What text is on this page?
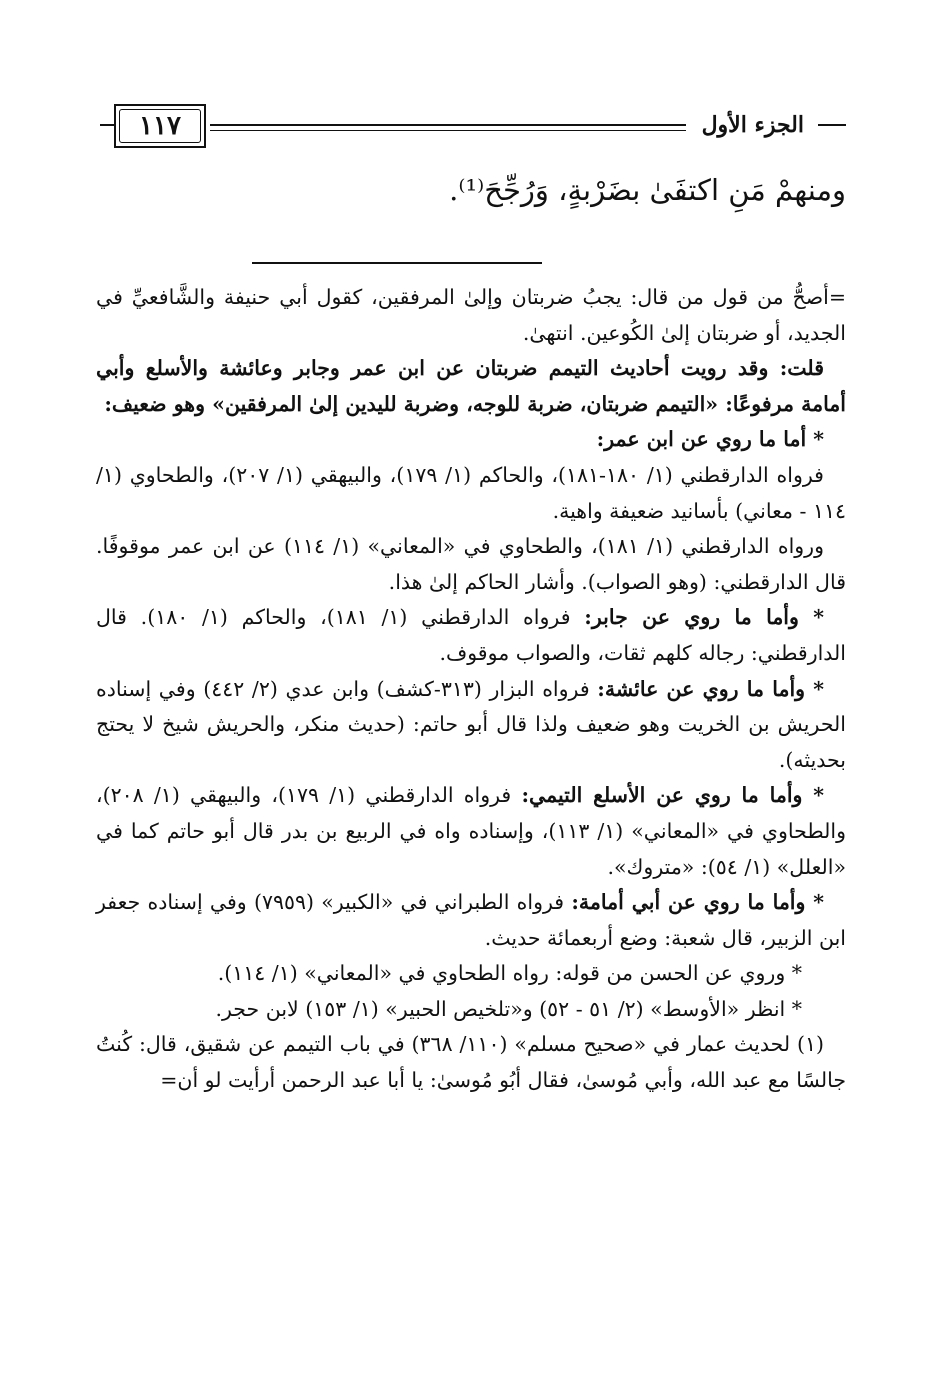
١١٧	الجزء الأول
ومنهمْ مَنِ اكتفَىٰ بضَرْبةٍ، وَرُجِّحَ⁽¹⁾.

=أصحُّ من قول من قال: يجبُ ضربتان وإلىٰ المرفقين، كقول أبي حنيفة والشَّافعيِّ في الجديد، أو ضربتان إلىٰ الكُوعين. انتهىٰ.

قلت: وقد رويت أحاديث التيمم ضربتان عن ابن عمر وجابر وعائشة والأسلع وأبي أمامة مرفوعًا: «التيمم ضربتان، ضربة للوجه، وضربة لليدين إلىٰ المرفقين» وهو ضعيف:

* أما ما روي عن ابن عمر:

فرواه الدارقطني (١/ ١٨٠-١٨١)، والحاكم (١/ ١٧٩)، والبيهقي (١/ ٢٠٧)، والطحاوي (١/ ١١٤ - معاني) بأسانيد ضعيفة واهية.

ورواه الدارقطني (١/ ١٨١)، والطحاوي في «المعاني» (١/ ١١٤) عن ابن عمر موقوفًا. قال الدارقطني: (وهو الصواب). وأشار الحاكم إلىٰ هذا.

* وأما ما روي عن جابر: فرواه الدارقطني (١/ ١٨١)، والحاكم (١/ ١٨٠). قال الدارقطني: رجاله كلهم ثقات، والصواب موقوف.

* وأما ما روي عن عائشة: فرواه البزار (٣١٣-كشف) وابن عدي (٢/ ٤٤٢) وفي إسناده الحريش بن الخريت وهو ضعيف ولذا قال أبو حاتم: (حديث منكر، والحريش شيخ لا يحتج بحديثه).

* وأما ما روي عن الأسلع التيمي: فرواه الدارقطني (١/ ١٧٩)، والبيهقي (١/ ٢٠٨)، والطحاوي في «المعاني» (١/ ١١٣)، وإسناده واه في الربيع بن بدر قال أبو حاتم كما في «العلل» (١/ ٥٤): «متروك».

* وأما ما روي عن أبي أمامة: فرواه الطبراني في «الكبير» (٧٩٥٩) وفي إسناده جعفر ابن الزبير، قال شعبة: وضع أربعمائة حديث.

* وروي عن الحسن من قوله: رواه الطحاوي في «المعاني» (١/ ١١٤).

* انظر «الأوسط» (٢/ ٥١ - ٥٢) و«تلخيص الحبير» (١/ ١٥٣) لابن حجر.

(١) لحديث عمار في «صحيح مسلم» (١١٠/ ٣٦٨) في باب التيمم عن شقيق، قال: كُنتُ جالسًا مع عبد الله، وأبي مُوسىٰ، فقال أبُو مُوسىٰ: يا أبا عبد الرحمن أرأيت لو أن=
